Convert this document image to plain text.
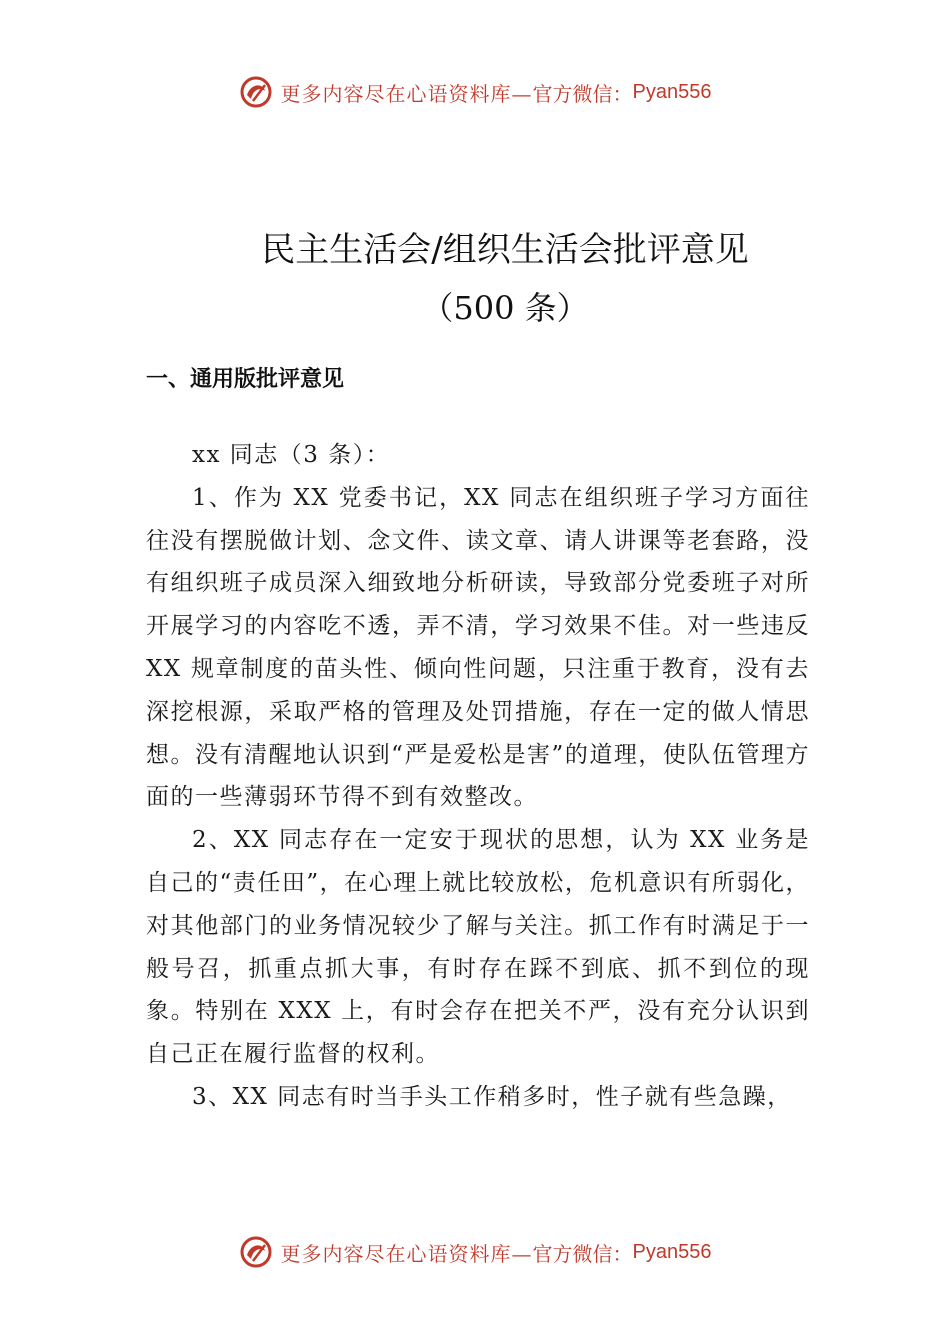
更多内容尽在心语资料库— 官方微信： Pyan556
民主生活会/组织生活会批评意见
（500 条）
一、通用版批评意见

xx 同志（3 条）：

1、作为 XX 党委书记，XX 同志在组织班子学习方面往往没有摆脱做计划、念文件、读文章、请人讲课等老套路，没有组织班子成员深入细致地分析研读，导致部分党委班子对所开展学习的内容吃不透，弄不清，学习效果不佳。对一些违反 XX 规章制度的苗头性、倾向性问题，只注重于教育，没有去深挖根源，采取严格的管理及处罚措施，存在一定的做人情思想。没有清醒地认识到“严是爱松是害”的道理，使队伍管理方面的一些薄弱环节得不到有效整改。

2、XX 同志存在一定安于现状的思想，认为 XX 业务是自己的“责任田”，在心理上就比较放松，危机意识有所弱化，对其他部门的业务情况较少了解与关注。抓工作有时满足于一般号召，抓重点抓大事，有时存在踩不到底、抓不到位的现象。特别在 XXX 上，有时会存在把关不严，没有充分认识到自己正在履行监督的权利。

3、XX 同志有时当手头工作稍多时，性子就有些急躁，

更多内容尽在心语资料库— 官方微信： Pyan556
